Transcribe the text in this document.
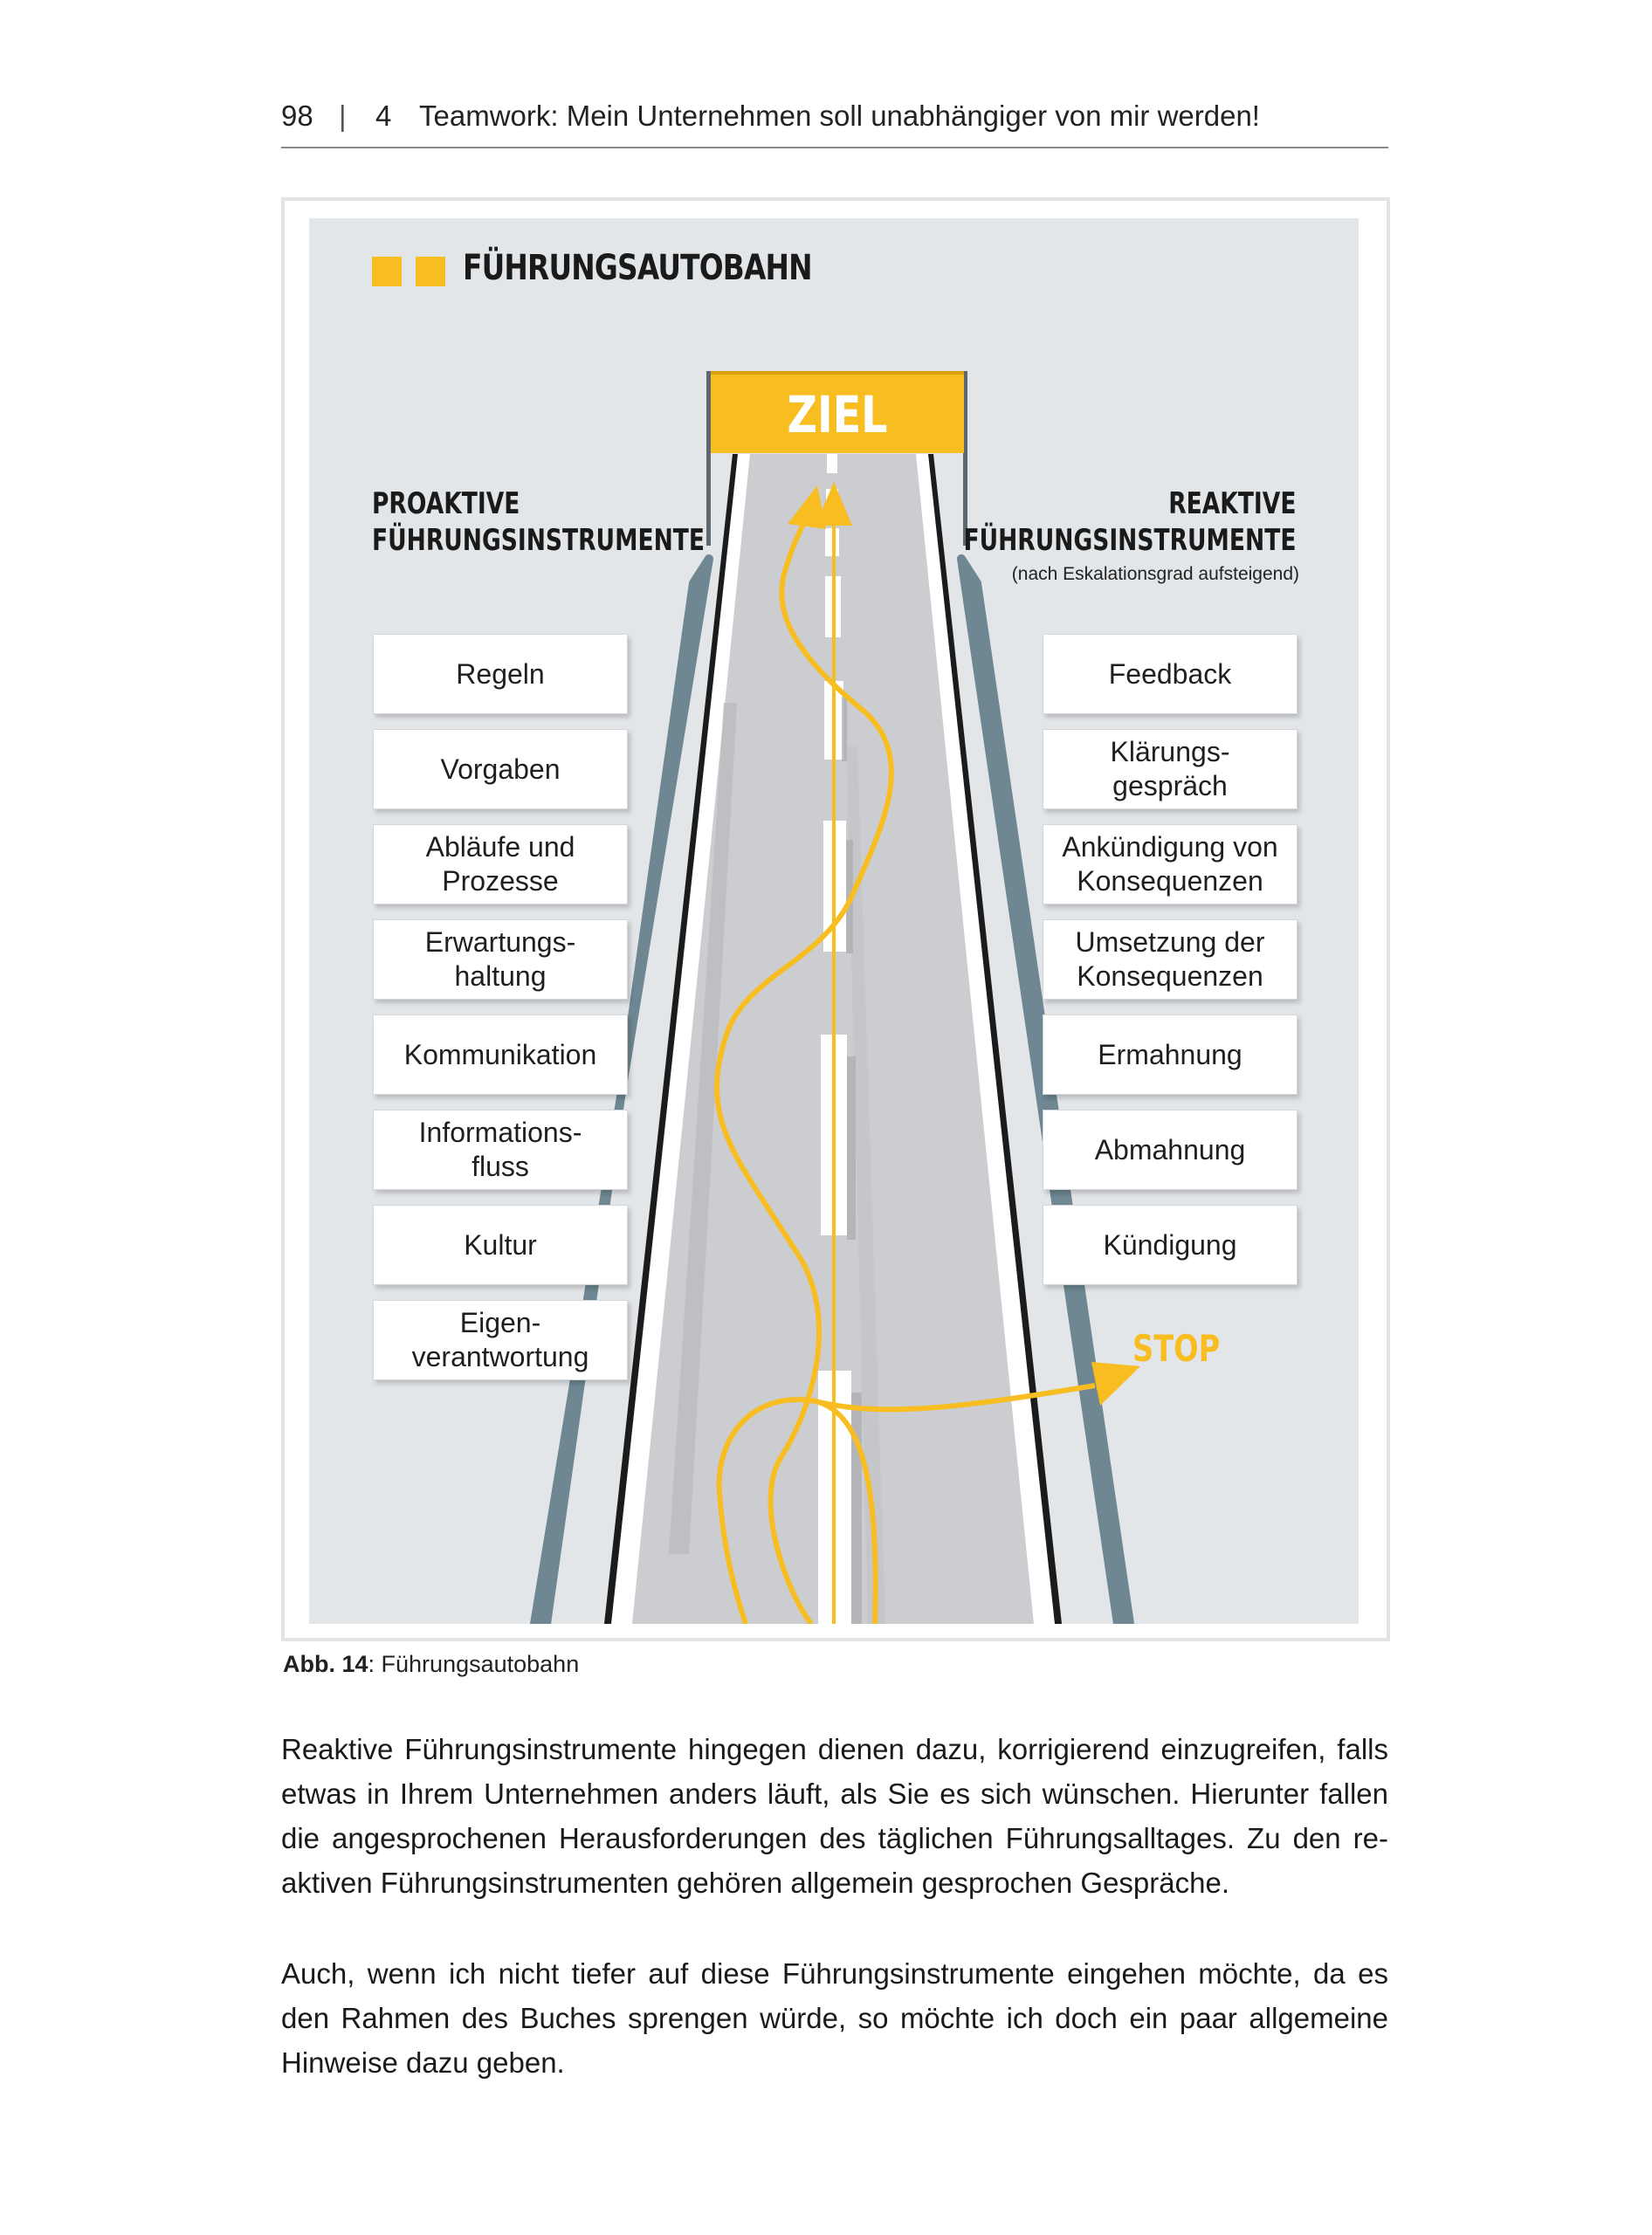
98 | 4 Teamwork: Mein Unternehmen soll unabhängiger von mir werden!
FÜHRUNGSAUTOBAHN
ZIEL
PROAKTIVE
FÜHRUNGSINSTRUMENTE
REAKTIVE
FÜHRUNGSINSTRUMENTE
(nach Eskalationsgrad aufsteigend)
Regeln
Vorgaben
Abläufe und
Prozesse
Erwartungs-
haltung
Kommunikation
Informations-
fluss
Kultur
Eigen-
verantwortung
Feedback
Klärungs-
gespräch
Ankündigung von
Konsequenzen
Umsetzung der
Konsequenzen
Ermahnung
Abmahnung
Kündigung
STOP
Abb. 14: Führungsautobahn

Reaktive Führungsinstrumente hingegen dienen dazu, korrigierend einzugreifen, falls etwas in Ihrem Unternehmen anders läuft, als Sie es sich wünschen. Hierunter fallen die angesprochenen Herausforderungen des täglichen Führungsalltages. Zu den reaktiven Führungsinstrumenten gehören allgemein gesprochen Gespräche.

Auch, wenn ich nicht tiefer auf diese Führungsinstrumente eingehen möchte, da es den Rahmen des Buches sprengen würde, so möchte ich doch ein paar allgemeine Hinweise dazu geben.
